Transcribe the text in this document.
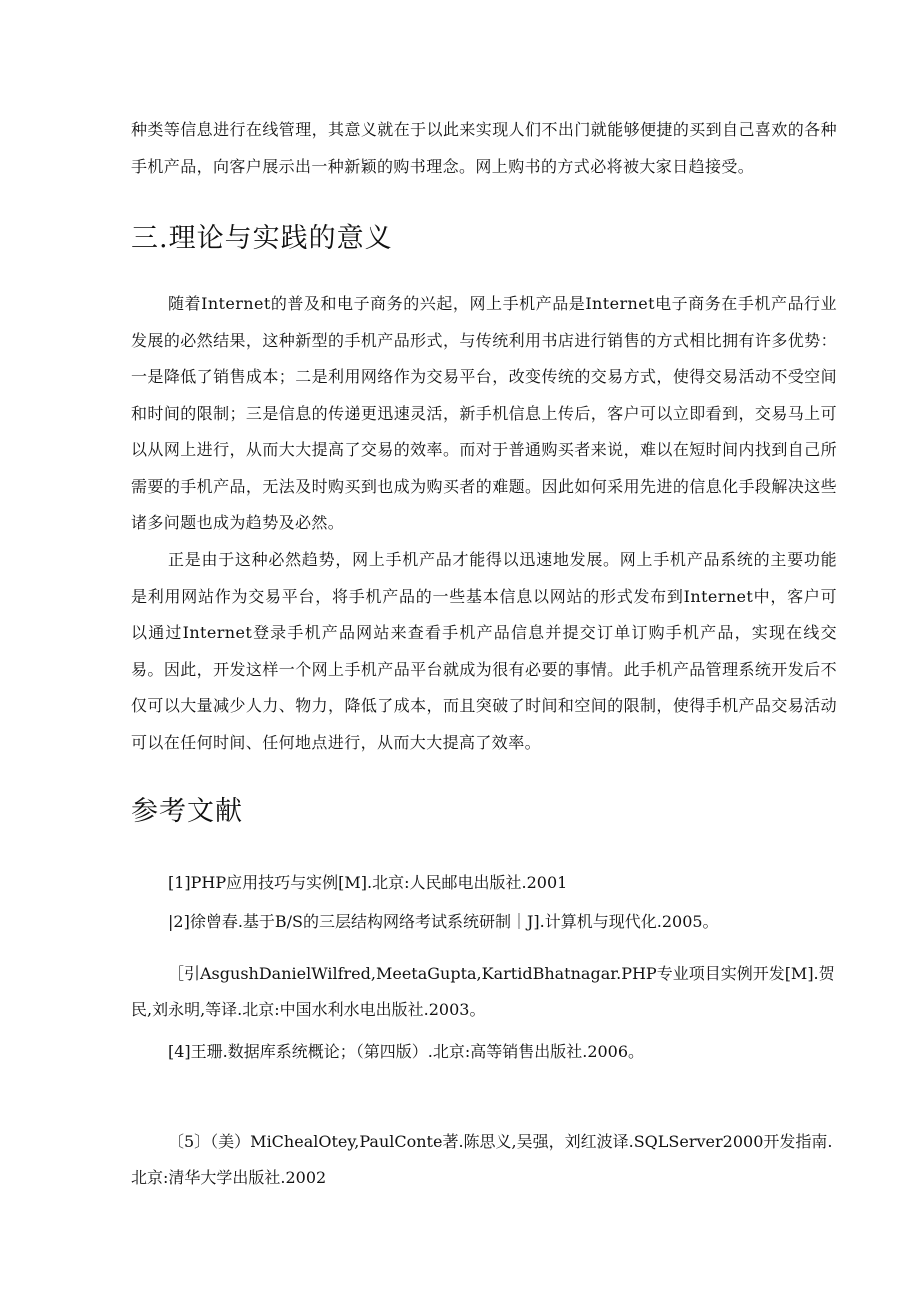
种类等信息进行在线管理，其意义就在于以此来实现人们不出门就能够便捷的买到自己喜欢的各种手机产品，向客户展示出一种新颖的购书理念。网上购书的方式必将被大家日趋接受。

三.理论与实践的意义

随着Internet的普及和电子商务的兴起，网上手机产品是Internet电子商务在手机产品行业发展的必然结果，这种新型的手机产品形式，与传统利用书店进行销售的方式相比拥有许多优势：一是降低了销售成本；二是利用网络作为交易平台，改变传统的交易方式，使得交易活动不受空间和时间的限制；三是信息的传递更迅速灵活，新手机信息上传后，客户可以立即看到，交易马上可以从网上进行，从而大大提高了交易的效率。而对于普通购买者来说，难以在短时间内找到自己所需要的手机产品，无法及时购买到也成为购买者的难题。因此如何采用先进的信息化手段解决这些诸多问题也成为趋势及必然。

正是由于这种必然趋势，网上手机产品才能得以迅速地发展。网上手机产品系统的主要功能是利用网站作为交易平台，将手机产品的一些基本信息以网站的形式发布到Internet中，客户可以通过Internet登录手机产品网站来查看手机产品信息并提交订单订购手机产品，实现在线交易。因此，开发这样一个网上手机产品平台就成为很有必要的事情。此手机产品管理系统开发后不仅可以大量减少人力、物力，降低了成本，而且突破了时间和空间的限制，使得手机产品交易活动可以在任何时间、任何地点进行，从而大大提高了效率。

参考文献

[1]PHP应用技巧与实例[M].北京:人民邮电出版社.2001

|2]徐曾春.基于B/S的三层结构网络考试系统研制｜J].计算机与现代化.2005。

［引AsgushDanielWilfred,MeetaGupta,KartidBhatnagar.PHP专业项目实例开发[M].贺民,刘永明,等译.北京:中国水利水电出版社.2003。

[4]王珊.数据库系统概论；（第四版）.北京:高等销售出版社.2006。

〔5〕（美）MiChealOtey,PaulConte著.陈思义,吴强，刘红波译.SQLServer2000开发指南.北京:清华大学出版社.2002
